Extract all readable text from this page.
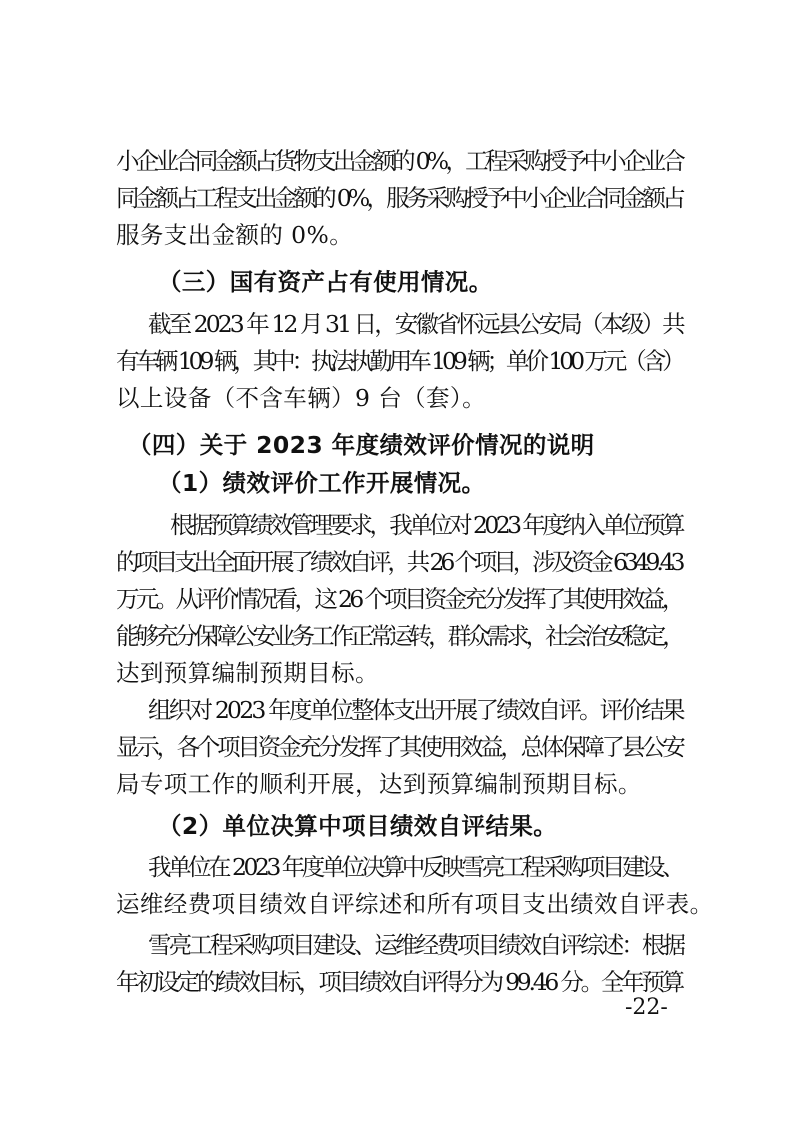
小企业合同金额占货物支出金额的 0%，工程采购授予中小企业合
同金额占工程支出金额的 0%，服务采购授予中小企业合同金额占
服务支出金额的 0%。
（三）国有资产占有使用情况。
截至 2023 年 12 月 31 日，安徽省怀远县公安局（本级）共
有车辆 109 辆，其中：执法执勤用车 109 辆；单价 100 万元（含）
以上设备（不含车辆）9 台（套）。
（四）关于 2023 年度绩效评价情况的说明
（1）绩效评价工作开展情况。
根据预算绩效管理要求，我单位对 2023 年度纳入单位预算
的项目支出全面开展了绩效自评，共 26 个项目，涉及资金 6349.43
万元。从评价情况看，这 26 个项目资金充分发挥了其使用效益，
能够充分保障公安业务工作正常运转，群众需求，社会治安稳定，
达到预算编制预期目标。
组织对 2023 年度单位整体支出开展了绩效自评。评价结果
显示，各个项目资金充分发挥了其使用效益，总体保障了县公安
局专项工作的顺利开展，达到预算编制预期目标。
（2）单位决算中项目绩效自评结果。
我单位在 2023 年度单位决算中反映雪亮工程采购项目建设、
运维经费项目绩效自评综述和所有项目支出绩效自评表。
雪亮工程采购项目建设、运维经费项目绩效自评综述：根据
年初设定的绩效目标，项目绩效自评得分为 99.46 分。全年预算
-22-
